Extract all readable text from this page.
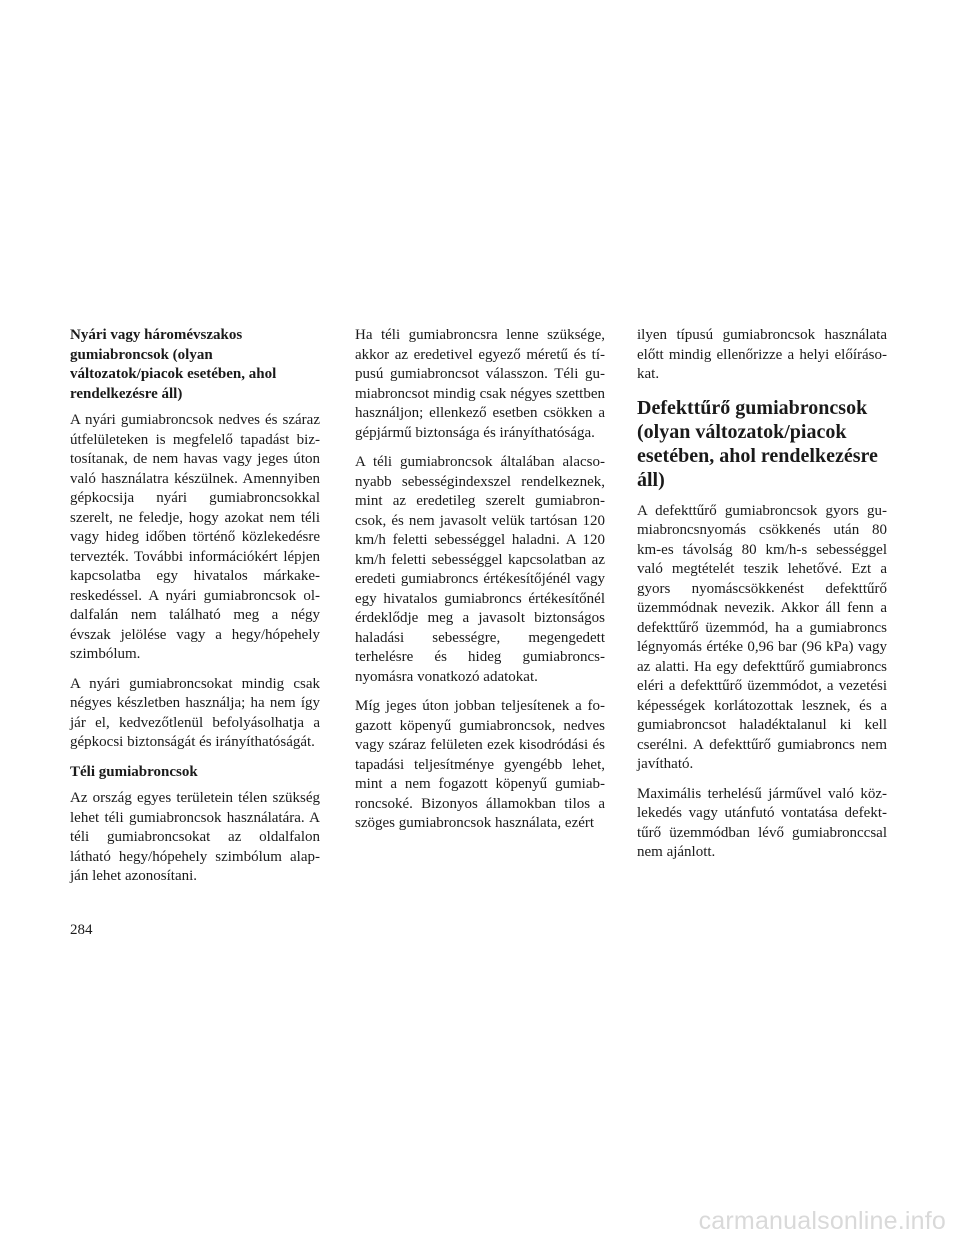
Nyári vagy háromévszakos gumiabroncsok (olyan változatok/piacok esetében, ahol rendelkezésre áll)

A nyári gumiabroncsok nedves és száraz útfelületeken is megfelelő tapadást biztosítanak, de nem havas vagy jeges úton való használatra készülnek. Amennyiben gépkocsija nyári gumiabroncsokkal szerelt, ne feledje, hogy azokat nem téli vagy hideg időben történő közlekedésre tervezték. További információkért lépjen kapcsolatba egy hivatalos márkakereskedéssel. A nyári gumiabroncsok oldalfalán nem található meg a négy évszak jelölése vagy a hegy/hópehely szimbólum.

A nyári gumiabroncsokat mindig csak négyes készletben használja; ha nem így jár el, kedvezőtlenül befolyásolhatja a gépkocsi biztonságát és irányíthatóságát.

Téli gumiabroncsok

Az ország egyes területein télen szükség lehet téli gumiabroncsok használatára. A téli gumiabroncsokat az oldalfalon látható hegy/hópehely szimbólum alapján lehet azonosítani.

Ha téli gumiabroncsra lenne szüksége, akkor az eredetivel egyező méretű és típusú gumiabroncsot válasszon. Téli gumiabroncsot mindig csak négyes szettben használjon; ellenkező esetben csökken a gépjármű biztonsága és irányíthatósága.

A téli gumiabroncsok általában alacsonyabb sebességindexszel rendelkeznek, mint az eredetileg szerelt gumiabroncsok, és nem javasolt velük tartósan 120 km/h feletti sebességgel haladni. A 120 km/h feletti sebességgel kapcsolatban az eredeti gumiabroncs értékesítőjénél vagy egy hivatalos gumiabroncs értékesítőnél érdeklődje meg a javasolt biztonságos haladási sebességre, megengedett terhelésre és hideg gumiabroncsnyomásra vonatkozó adatokat.

Míg jeges úton jobban teljesítenek a fogazott köpenyű gumiabroncsok, nedves vagy száraz felületen ezek kisodródási és tapadási teljesítménye gyengébb lehet, mint a nem fogazott köpenyű gumiabroncsoké. Bizonyos államokban tilos a szöges gumiabroncsok használata, ezért

ilyen típusú gumiabroncsok használata előtt mindig ellenőrizze a helyi előírásokat.

Defekttűrő gumiabroncsok (olyan változatok/piacok esetében, ahol rendelkezésre áll)

A defekttűrő gumiabroncsok gyors gumiabroncsnyomás csökkenés után 80 km-es távolság 80 km/h-s sebességgel való megtételét teszik lehetővé. Ezt a gyors nyomáscsökkenést defekttűrő üzemmódnak nevezik. Akkor áll fenn a defekttűrő üzemmód, ha a gumiabroncs légnyomás értéke 0,96 bar (96 kPa) vagy az alatti. Ha egy defekttűrő gumiabroncs eléri a defekttűrő üzemmódot, a vezetési képességek korlátozottak lesznek, és a gumiabroncsot haladéktalanul ki kell cserélni. A defekttűrő gumiabroncs nem javítható.

Maximális terhelésű járművel való közlekedés vagy utánfutó vontatása defekttűrő üzemmódban lévő gumiabronccsal nem ajánlott.

284
carmanualsonline.info
